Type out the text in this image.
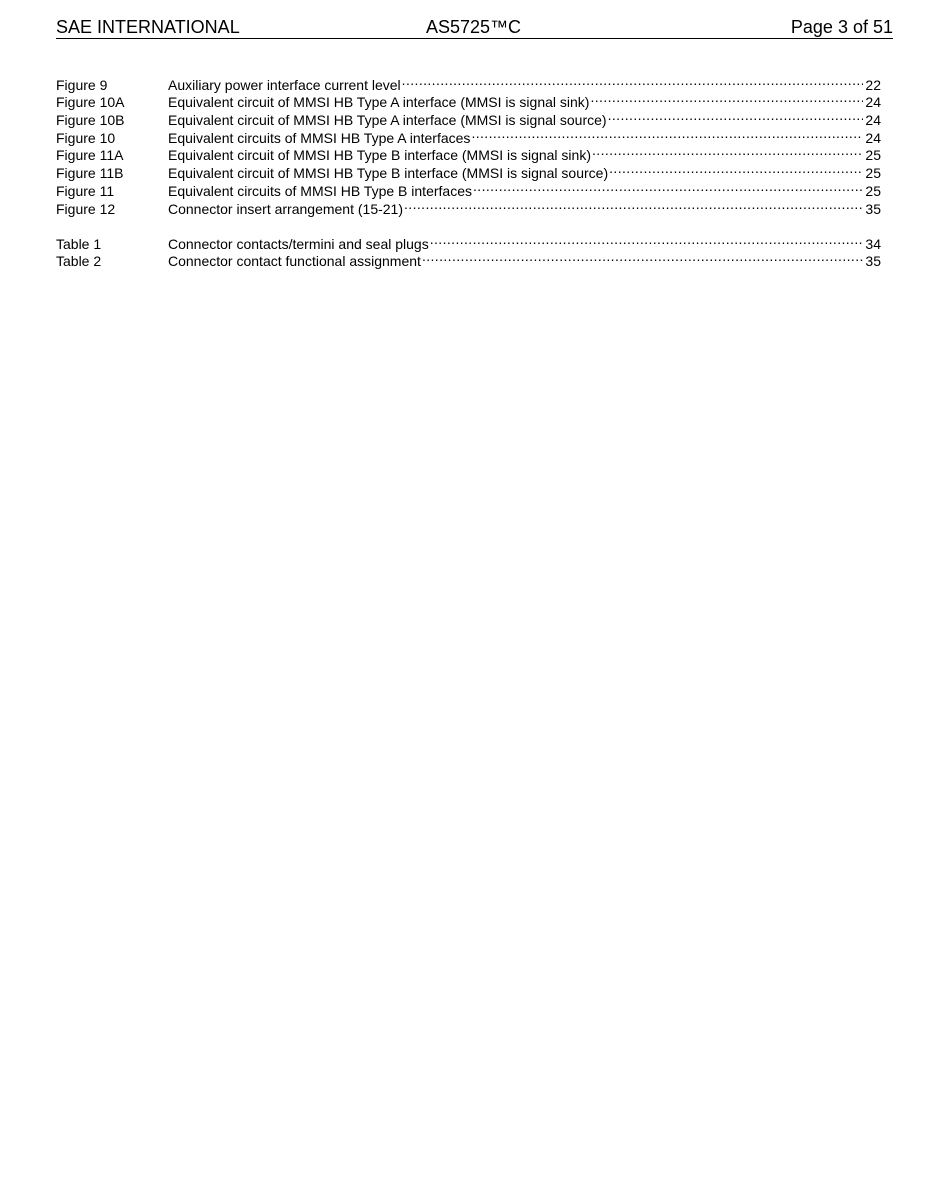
SAE INTERNATIONAL	AS5725™C	Page 3 of 51
Figure 9	Auxiliary power interface current level .....	22
Figure 10A	Equivalent circuit of MMSI HB Type A interface (MMSI is signal sink) .....	24
Figure 10B	Equivalent circuit of MMSI HB Type A interface (MMSI is signal source) .....	24
Figure 10	Equivalent circuits of MMSI HB Type A interfaces .....	24
Figure 11A	Equivalent circuit of MMSI HB Type B interface (MMSI is signal sink) .....	25
Figure 11B	Equivalent circuit of MMSI HB Type B interface (MMSI is signal source) .....	25
Figure 11	Equivalent circuits of MMSI HB Type B interfaces .....	25
Figure 12	Connector insert arrangement (15-21) .....	35
Table 1	Connector contacts/termini and seal plugs .....	34
Table 2	Connector contact functional assignment .....	35
